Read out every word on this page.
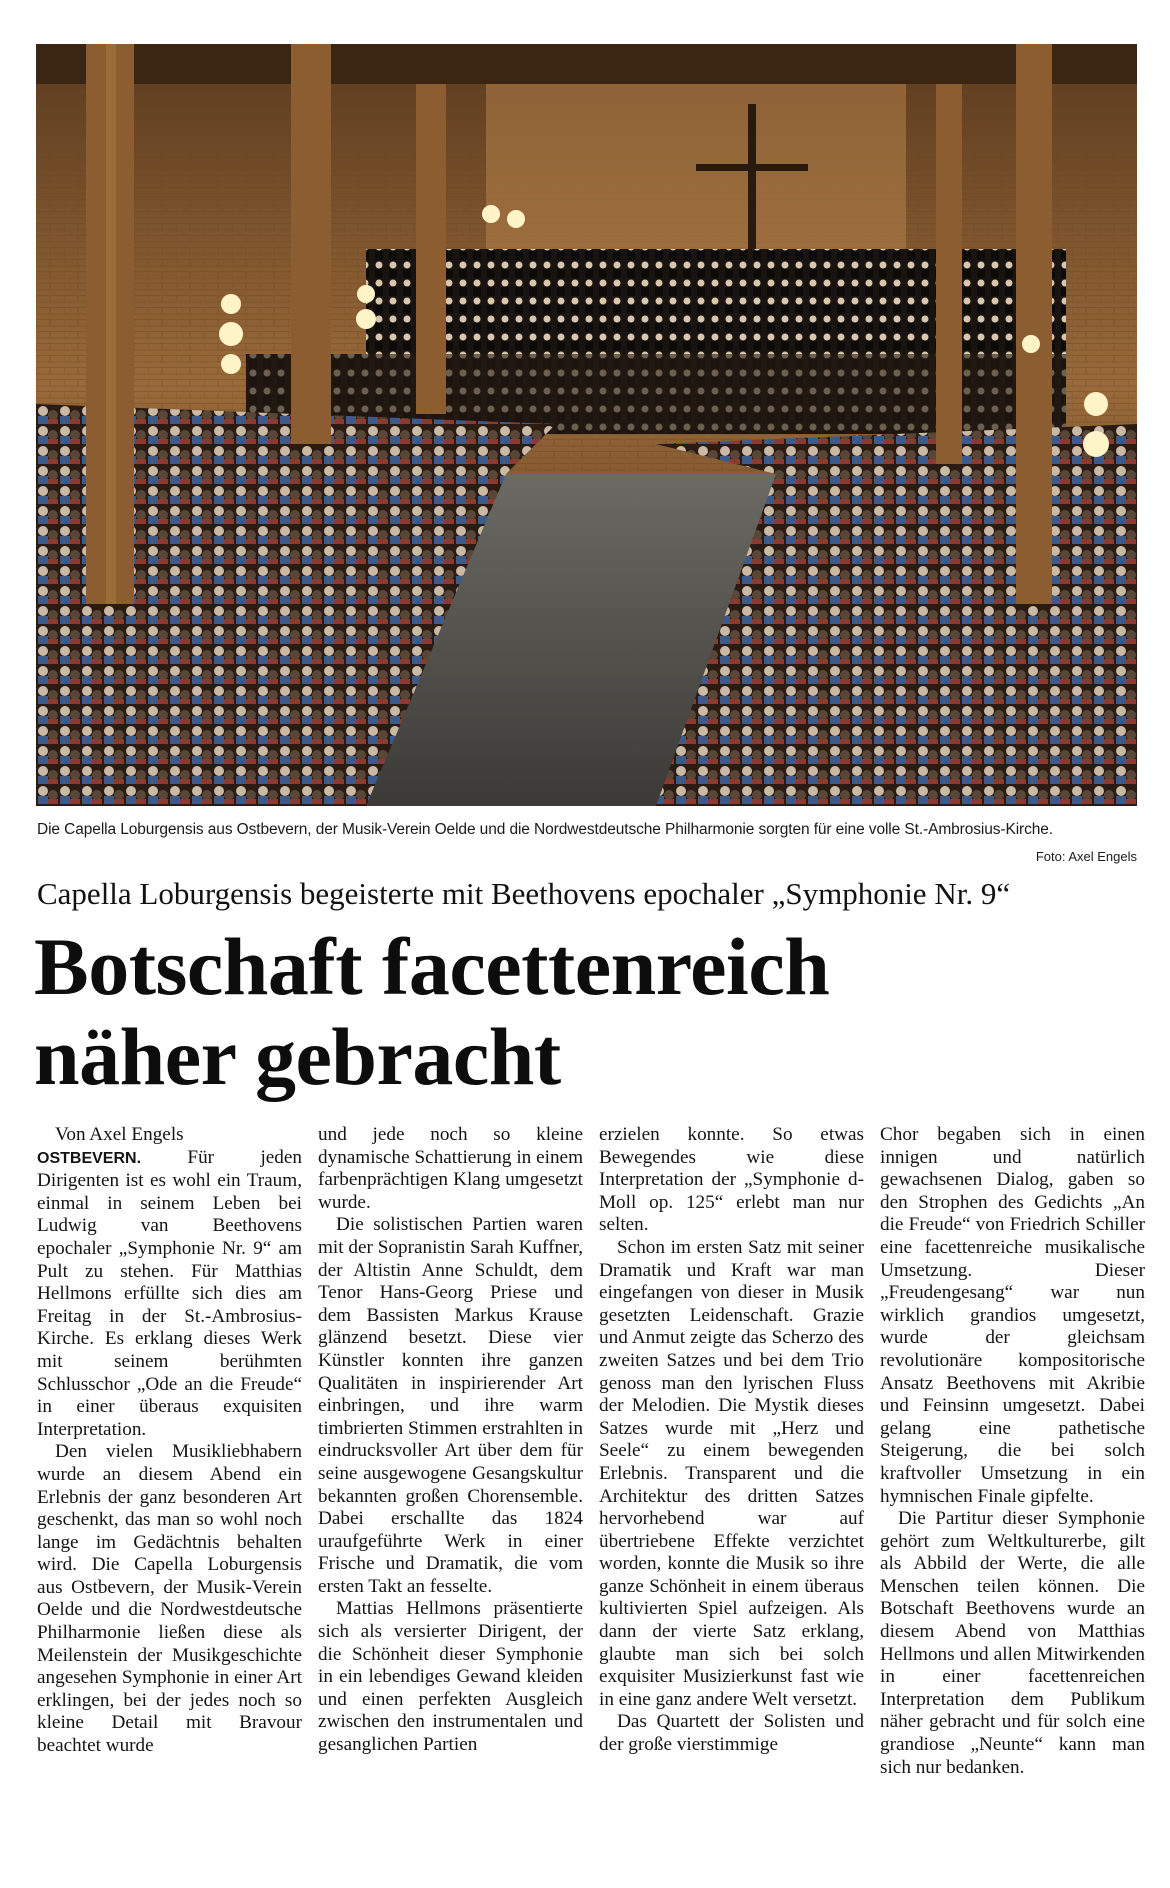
Die Capella Loburgensis aus Ostbevern, der Musik-Verein Oelde und die Nordwestdeutsche Philharmonie sorgten für eine volle St.-Ambrosius-Kirche.
Foto: Axel Engels
Capella Loburgensis begeisterte mit Beethovens epochaler „Symphonie Nr. 9“
Botschaft facettenreich
näher gebracht

Von Axel Engels

OSTBEVERN. Für jeden Dirigenten ist es wohl ein Traum, einmal in seinem Leben bei Ludwig van Beethovens epochaler „Symphonie Nr. 9“ am Pult zu stehen. Für Matthias Hellmons erfüllte sich dies am Freitag in der St.-Ambrosius-Kirche. Es erklang dieses Werk mit seinem berühmten Schlusschor „Ode an die Freude“ in einer überaus exquisiten Interpretation.

Den vielen Musikliebhabern wurde an diesem Abend ein Erlebnis der ganz besonderen Art geschenkt, das man so wohl noch lange im Gedächtnis behalten wird. Die Capella Loburgensis aus Ostbevern, der Musik-Verein Oelde und die Nordwestdeutsche Philharmonie ließen diese als Meilenstein der Musikgeschichte angesehen Symphonie in einer Art erklingen, bei der jedes noch so kleine Detail mit Bravour beachtet wurde

und jede noch so kleine dynamische Schattierung in einem farbenprächtigen Klang umgesetzt wurde.

Die solistischen Partien waren mit der Sopranistin Sarah Kuffner, der Altistin Anne Schuldt, dem Tenor Hans-Georg Priese und dem Bassisten Markus Krause glänzend besetzt. Diese vier Künstler konnten ihre ganzen Qualitäten in inspirierender Art einbringen, und ihre warm timbrierten Stimmen erstrahlten in eindrucksvoller Art über dem für seine ausgewogene Gesangskultur bekannten großen Chorensemble. Dabei erschallte das 1824 uraufgeführte Werk in einer Frische und Dramatik, die vom ersten Takt an fesselte.

Mattias Hellmons präsentierte sich als versierter Dirigent, der die Schönheit dieser Symphonie in ein lebendiges Gewand kleiden und einen perfekten Ausgleich zwischen den instrumentalen und gesanglichen Partien

erzielen konnte. So etwas Bewegendes wie diese Interpretation der „Symphonie d-Moll op. 125“ erlebt man nur selten.

Schon im ersten Satz mit seiner Dramatik und Kraft war man eingefangen von dieser in Musik gesetzten Leidenschaft. Grazie und Anmut zeigte das Scherzo des zweiten Satzes und bei dem Trio genoss man den lyrischen Fluss der Melodien. Die Mystik dieses Satzes wurde mit „Herz und Seele“ zu einem bewegenden Erlebnis. Transparent und die Architektur des dritten Satzes hervorhebend war auf übertriebene Effekte verzichtet worden, konnte die Musik so ihre ganze Schönheit in einem überaus kultivierten Spiel aufzeigen. Als dann der vierte Satz erklang, glaubte man sich bei solch exquisiter Musizierkunst fast wie in eine ganz andere Welt versetzt.

Das Quartett der Solisten und der große vierstimmige

Chor begaben sich in einen innigen und natürlich gewachsenen Dialog, gaben so den Strophen des Gedichts „An die Freude“ von Friedrich Schiller eine facettenreiche musikalische Umsetzung. Dieser „Freudengesang“ war nun wirklich grandios umgesetzt, wurde der gleichsam revolutionäre kompositorische Ansatz Beethovens mit Akribie und Feinsinn umgesetzt. Dabei gelang eine pathetische Steigerung, die bei solch kraftvoller Umsetzung in ein hymnischen Finale gipfelte.

Die Partitur dieser Symphonie gehört zum Weltkulturerbe, gilt als Abbild der Werte, die alle Menschen teilen können. Die Botschaft Beethovens wurde an diesem Abend von Matthias Hellmons und allen Mitwirkenden in einer facettenreichen Interpretation dem Publikum näher gebracht und für solch eine grandiose „Neunte“ kann man sich nur bedanken.
